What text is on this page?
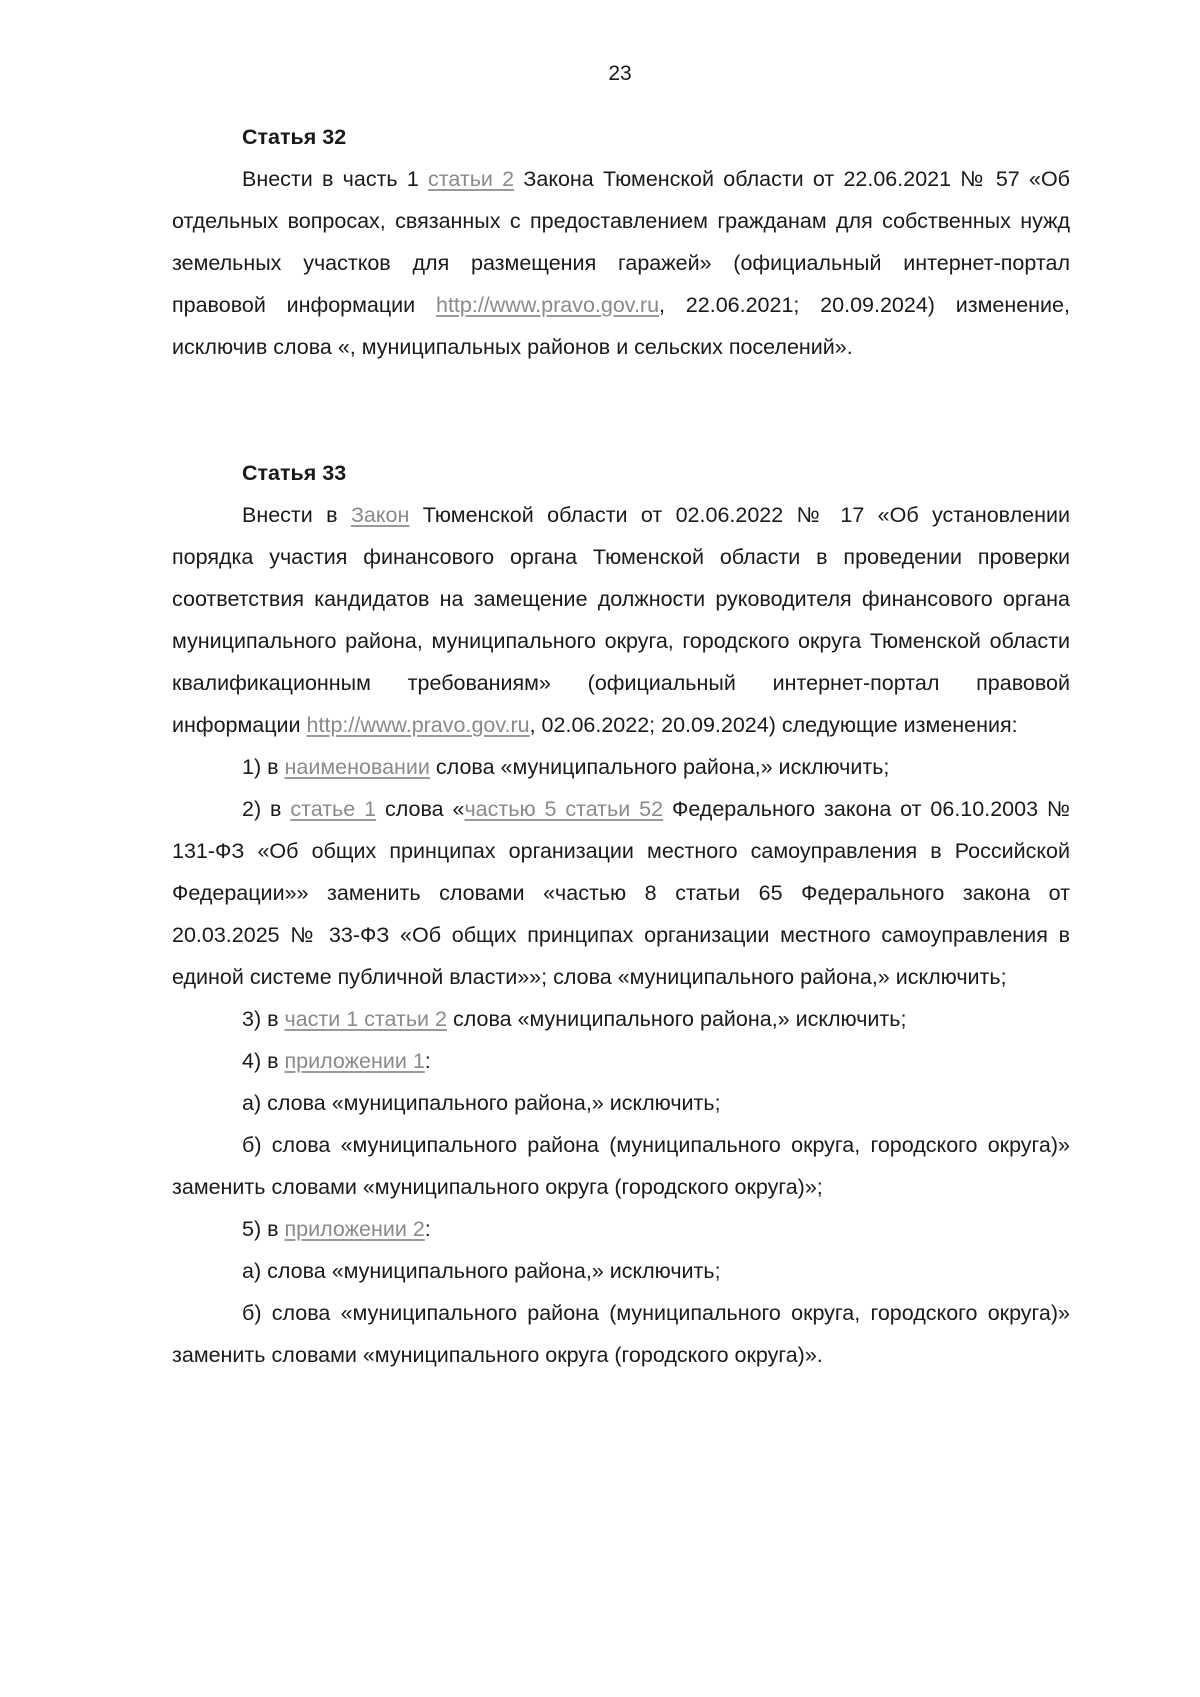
23

Статья 32

Внести в часть 1 статьи 2 Закона Тюменской области от 22.06.2021 № 57 «Об отдельных вопросах, связанных с предоставлением гражданам для собственных нужд земельных участков для размещения гаражей» (официальный интернет-портал правовой информации http://www.pravo.gov.ru, 22.06.2021; 20.09.2024) изменение, исключив слова «, муниципальных районов и сельских поселений».

Статья 33

Внести в Закон Тюменской области от 02.06.2022 № 17 «Об установлении порядка участия финансового органа Тюменской области в проведении проверки соответствия кандидатов на замещение должности руководителя финансового органа муниципального района, муниципального округа, городского округа Тюменской области квалификационным требованиям» (официальный интернет-портал правовой информации http://www.pravo.gov.ru, 02.06.2022; 20.09.2024) следующие изменения:

1) в наименовании слова «муниципального района,» исключить;

2) в статье 1 слова «частью 5 статьи 52 Федерального закона от 06.10.2003 № 131-ФЗ «Об общих принципах организации местного самоуправления в Российской Федерации»» заменить словами «частью 8 статьи 65 Федерального закона от 20.03.2025 № 33-ФЗ «Об общих принципах организации местного самоуправления в единой системе публичной власти»»; слова «муниципального района,» исключить;

3) в части 1 статьи 2 слова «муниципального района,» исключить;

4) в приложении 1:

а) слова «муниципального района,» исключить;

б) слова «муниципального района (муниципального округа, городского округа)» заменить словами «муниципального округа (городского округа)»;

5) в приложении 2:

а) слова «муниципального района,» исключить;

б) слова «муниципального района (муниципального округа, городского округа)» заменить словами «муниципального округа (городского округа)».
